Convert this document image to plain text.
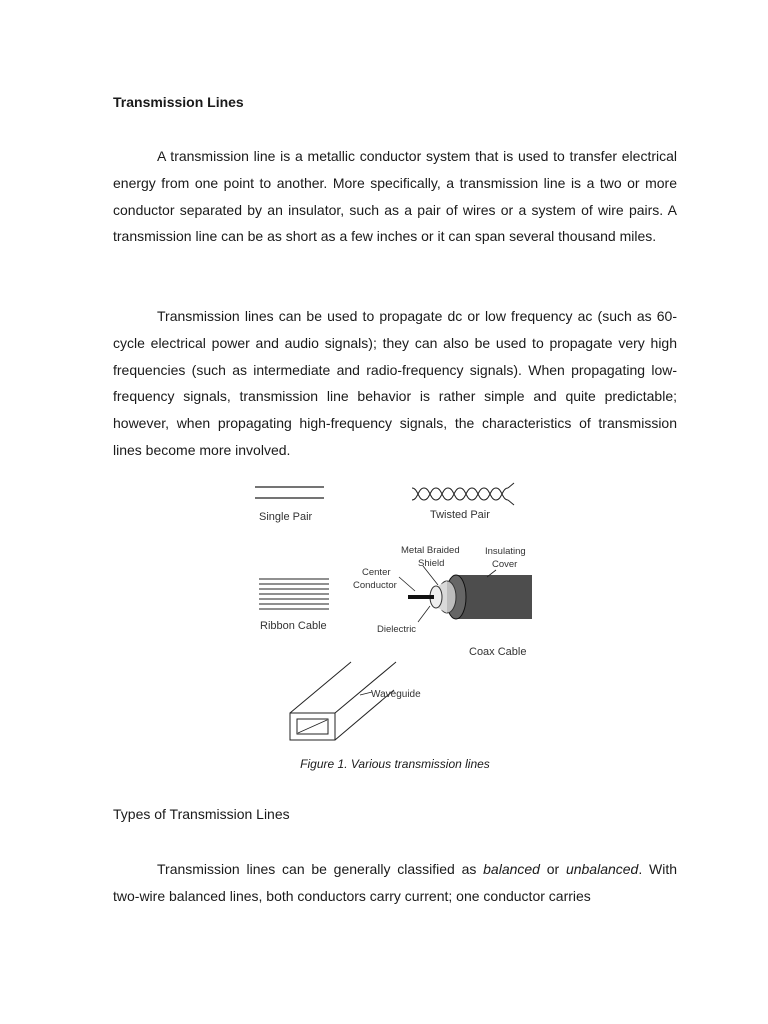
Transmission Lines

A transmission line is a metallic conductor system that is used to transfer electrical energy from one point to another. More specifically, a transmission line is a two or more conductor separated by an insulator, such as a pair of wires or a system of wire pairs. A transmission line can be as short as a few inches or it can span several thousand miles.

Transmission lines can be used to propagate dc or low frequency ac (such as 60-cycle electrical power and audio signals); they can also be used to propagate very high frequencies (such as intermediate and radio-frequency signals). When propagating low-frequency signals, transmission line behavior is rather simple and quite predictable; however, when propagating high-frequency signals, the characteristics of transmission lines become more involved.

Single Pair	Twisted Pair
Ribbon Cable
Metal Braided
Shield
Insulating
Cover
Center
Conductor
Dielectric
Coax Cable
Waveguide
Figure 1. Various transmission lines
Types of Transmission Lines

Transmission lines can be generally classified as balanced or unbalanced. With two-wire balanced lines, both conductors carry current; one conductor carries
